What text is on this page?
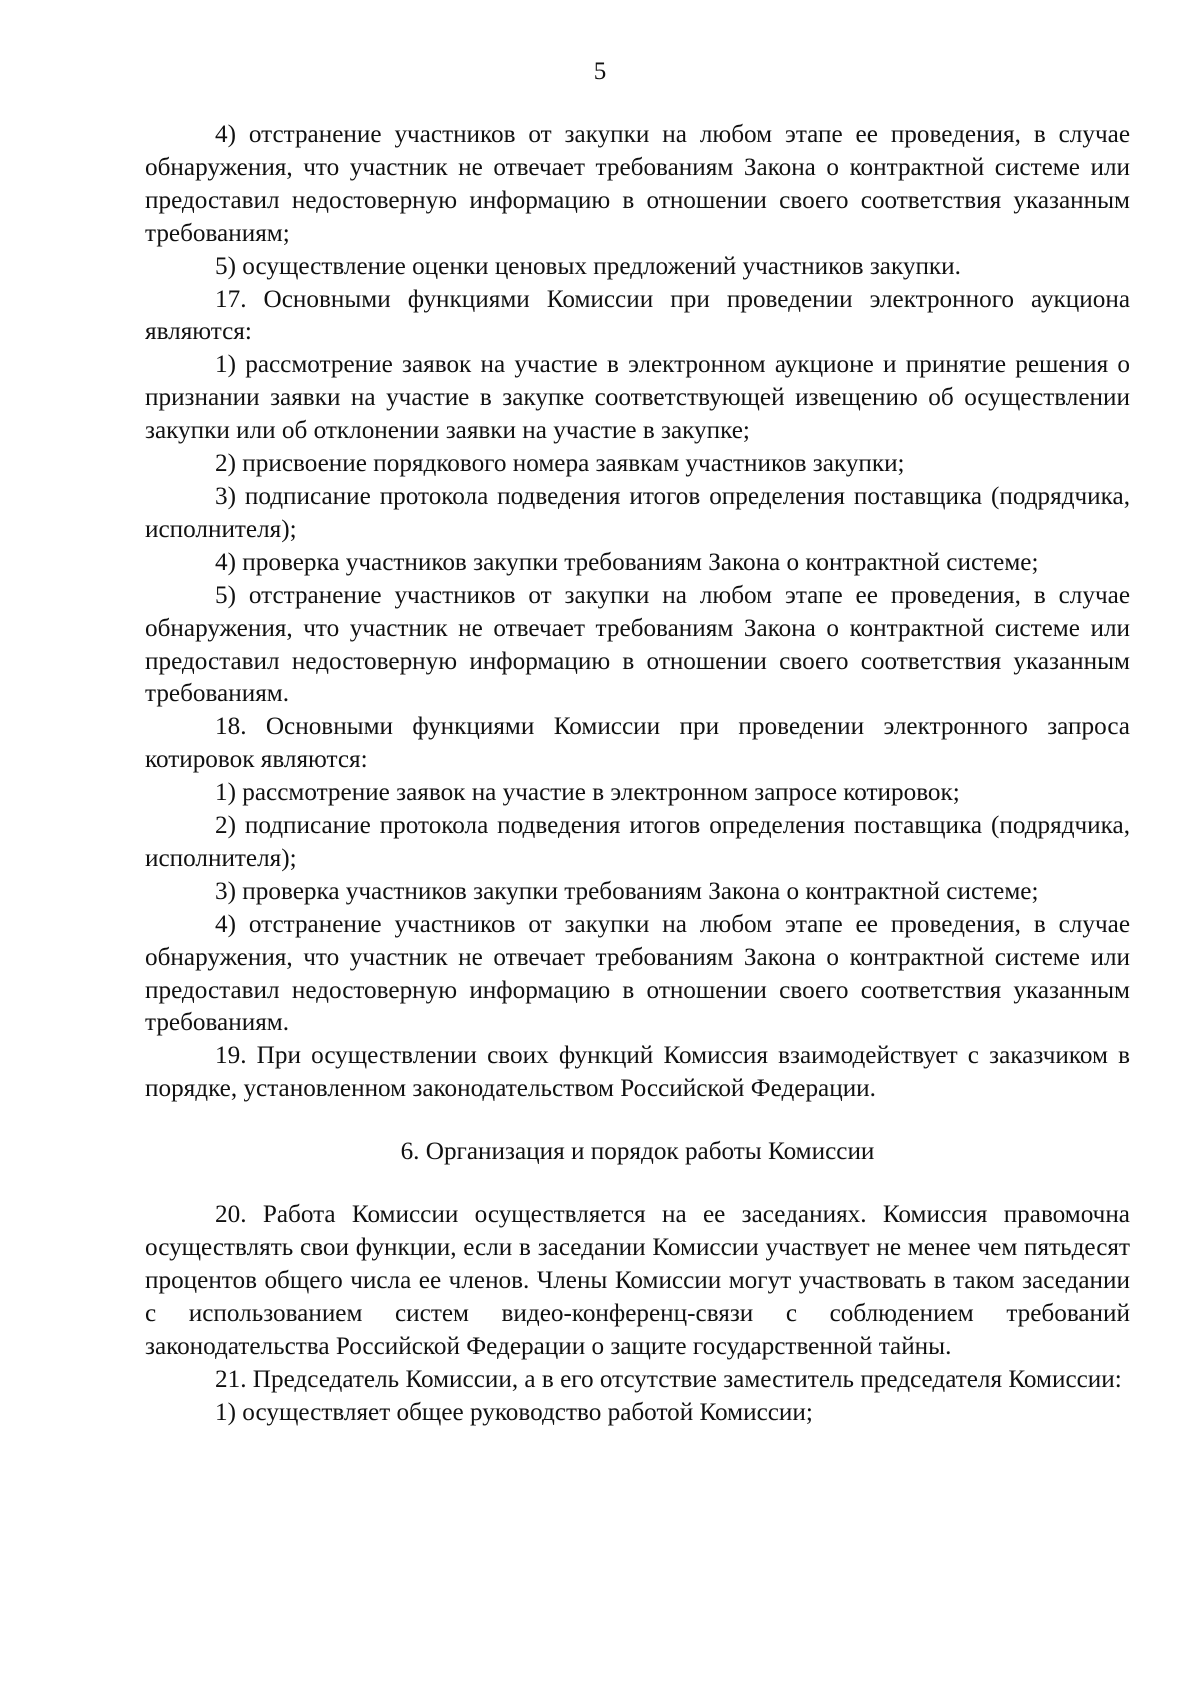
5

4) отстранение участников от закупки на любом этапе ее проведения, в случае обнаружения, что участник не отвечает требованиям Закона о контрактной системе или предоставил недостоверную информацию в отношении своего соответствия указанным требованиям;

5) осуществление оценки ценовых предложений участников закупки.

17. Основными функциями Комиссии при проведении электронного аукциона являются:

1) рассмотрение заявок на участие в электронном аукционе и принятие решения о признании заявки на участие в закупке соответствующей извещению об осуществлении закупки или об отклонении заявки на участие в закупке;

2) присвоение порядкового номера заявкам участников закупки;

3) подписание протокола подведения итогов определения поставщика (подрядчика, исполнителя);

4) проверка участников закупки требованиям Закона о контрактной системе;

5) отстранение участников от закупки на любом этапе ее проведения, в случае обнаружения, что участник не отвечает требованиям Закона о контрактной системе или предоставил недостоверную информацию в отношении своего соответствия указанным требованиям.

18. Основными функциями Комиссии при проведении электронного запроса котировок являются:

1) рассмотрение заявок на участие в электронном запросе котировок;

2) подписание протокола подведения итогов определения поставщика (подрядчика, исполнителя);

3) проверка участников закупки требованиям Закона о контрактной системе;

4) отстранение участников от закупки на любом этапе ее проведения, в случае обнаружения, что участник не отвечает требованиям Закона о контрактной системе или предоставил недостоверную информацию в отношении своего соответствия указанным требованиям.

19. При осуществлении своих функций Комиссия взаимодействует с заказчиком в порядке, установленном законодательством Российской Федерации.

6. Организация и порядок работы Комиссии

20. Работа Комиссии осуществляется на ее заседаниях. Комиссия правомочна осуществлять свои функции, если в заседании Комиссии участвует не менее чем пятьдесят процентов общего числа ее членов. Члены Комиссии могут участвовать в таком заседании с использованием систем видео-конференц-связи с соблюдением требований законодательства Российской Федерации о защите государственной тайны.

21. Председатель Комиссии, а в его отсутствие заместитель председателя Комиссии:

1) осуществляет общее руководство работой Комиссии;
